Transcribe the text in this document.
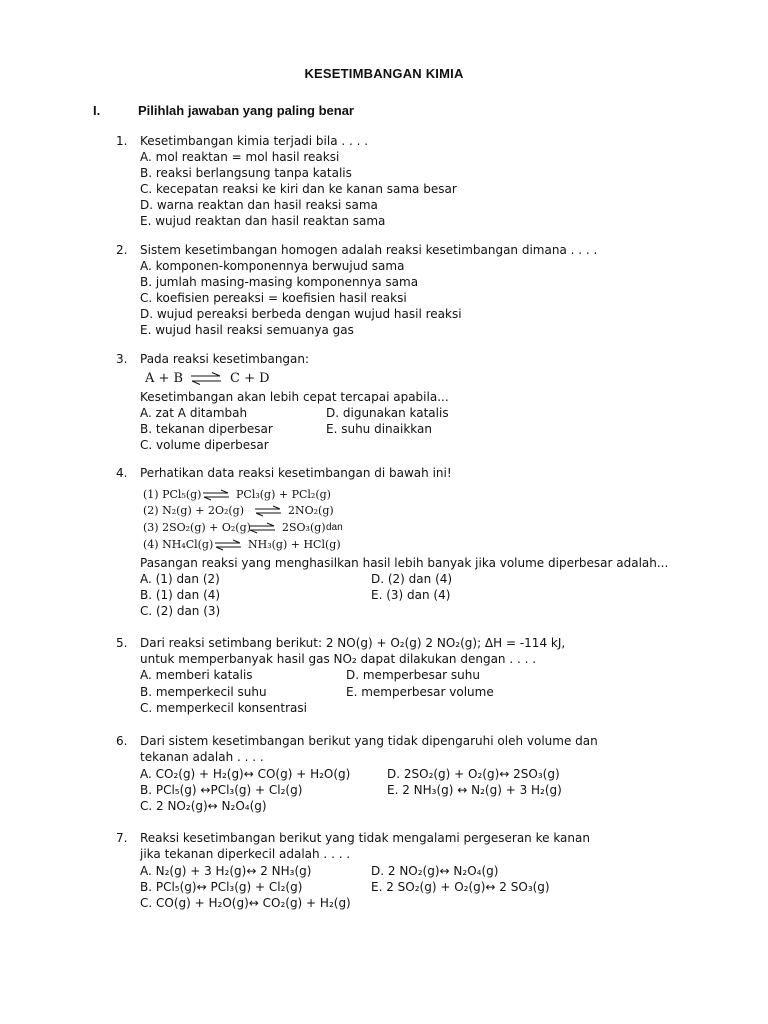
KESETIMBANGAN KIMIA
I.	Pilihlah jawaban yang paling benar
1. Kesetimbangan kimia terjadi bila . . . .
A. mol reaktan = mol hasil reaksi
B. reaksi berlangsung tanpa katalis
C. kecepatan reaksi ke kiri dan ke kanan sama besar
D. warna reaktan dan hasil reaksi sama
E. wujud reaktan dan hasil reaktan sama
2. Sistem kesetimbangan homogen adalah reaksi kesetimbangan dimana . . . .
A. komponen-komponennya berwujud sama
B. jumlah masing-masing komponennya sama
C. koefisien pereaksi = koefisien hasil reaksi
D. wujud pereaksi berbeda dengan wujud hasil reaksi
E. wujud hasil reaksi semuanya gas
3. Pada reaksi kesetimbangan:
A + B ⇌ C + D
Kesetimbangan akan lebih cepat tercapai apabila...
A. zat A ditambah	D. digunakan katalis
B. tekanan diperbesar	E. suhu dinaikkan
C. volume diperbesar
4. Perhatikan data reaksi kesetimbangan di bawah ini!
(1) PCl₅(g) ⇌ PCl₃(g) + PCl₂(g)
(2) N₂(g) + 2O₂(g) ⇌ 2NO₂(g)
(3) 2SO₂(g) + O₂(g) ⇌ 2SO₃(g) dan
(4) NH₄Cl(g) ⇌ NH₃(g) + HCl(g)
Pasangan reaksi yang menghasilkan hasil lebih banyak jika volume diperbesar adalah...
A. (1) dan (2)	D. (2) dan (4)
B. (1) dan (4)	E. (3) dan (4)
C. (2) dan (3)
5. Dari reaksi setimbang berikut: 2 NO(g) + O₂(g) 2 NO₂(g); ΔH = -114 kJ,
untuk memperbanyak hasil gas NO₂ dapat dilakukan dengan . . . .
A. memberi katalis	D. memperbesar suhu
B. memperkecil suhu	E. memperbesar volume
C. memperkecil konsentrasi
6. Dari sistem kesetimbangan berikut yang tidak dipengaruhi oleh volume dan
tekanan adalah . . . .
A. CO₂(g) + H₂(g)↔ CO(g) + H₂O(g)	D. 2SO₂(g) + O₂(g)↔ 2SO₃(g)
B. PCl₅(g) ↔PCl₃(g) + Cl₂(g)	E. 2 NH₃(g) ↔ N₂(g) + 3 H₂(g)
C. 2 NO₂(g)↔ N₂O₄(g)
7. Reaksi kesetimbangan berikut yang tidak mengalami pergeseran ke kanan
jika tekanan diperkecil adalah . . . .
A. N₂(g) + 3 H₂(g)↔ 2 NH₃(g)	D. 2 NO₂(g)↔ N₂O₄(g)
B. PCl₅(g)↔ PCl₃(g) + Cl₂(g)	E. 2 SO₂(g) + O₂(g)↔ 2 SO₃(g)
C. CO(g) + H₂O(g)↔ CO₂(g) + H₂(g)
